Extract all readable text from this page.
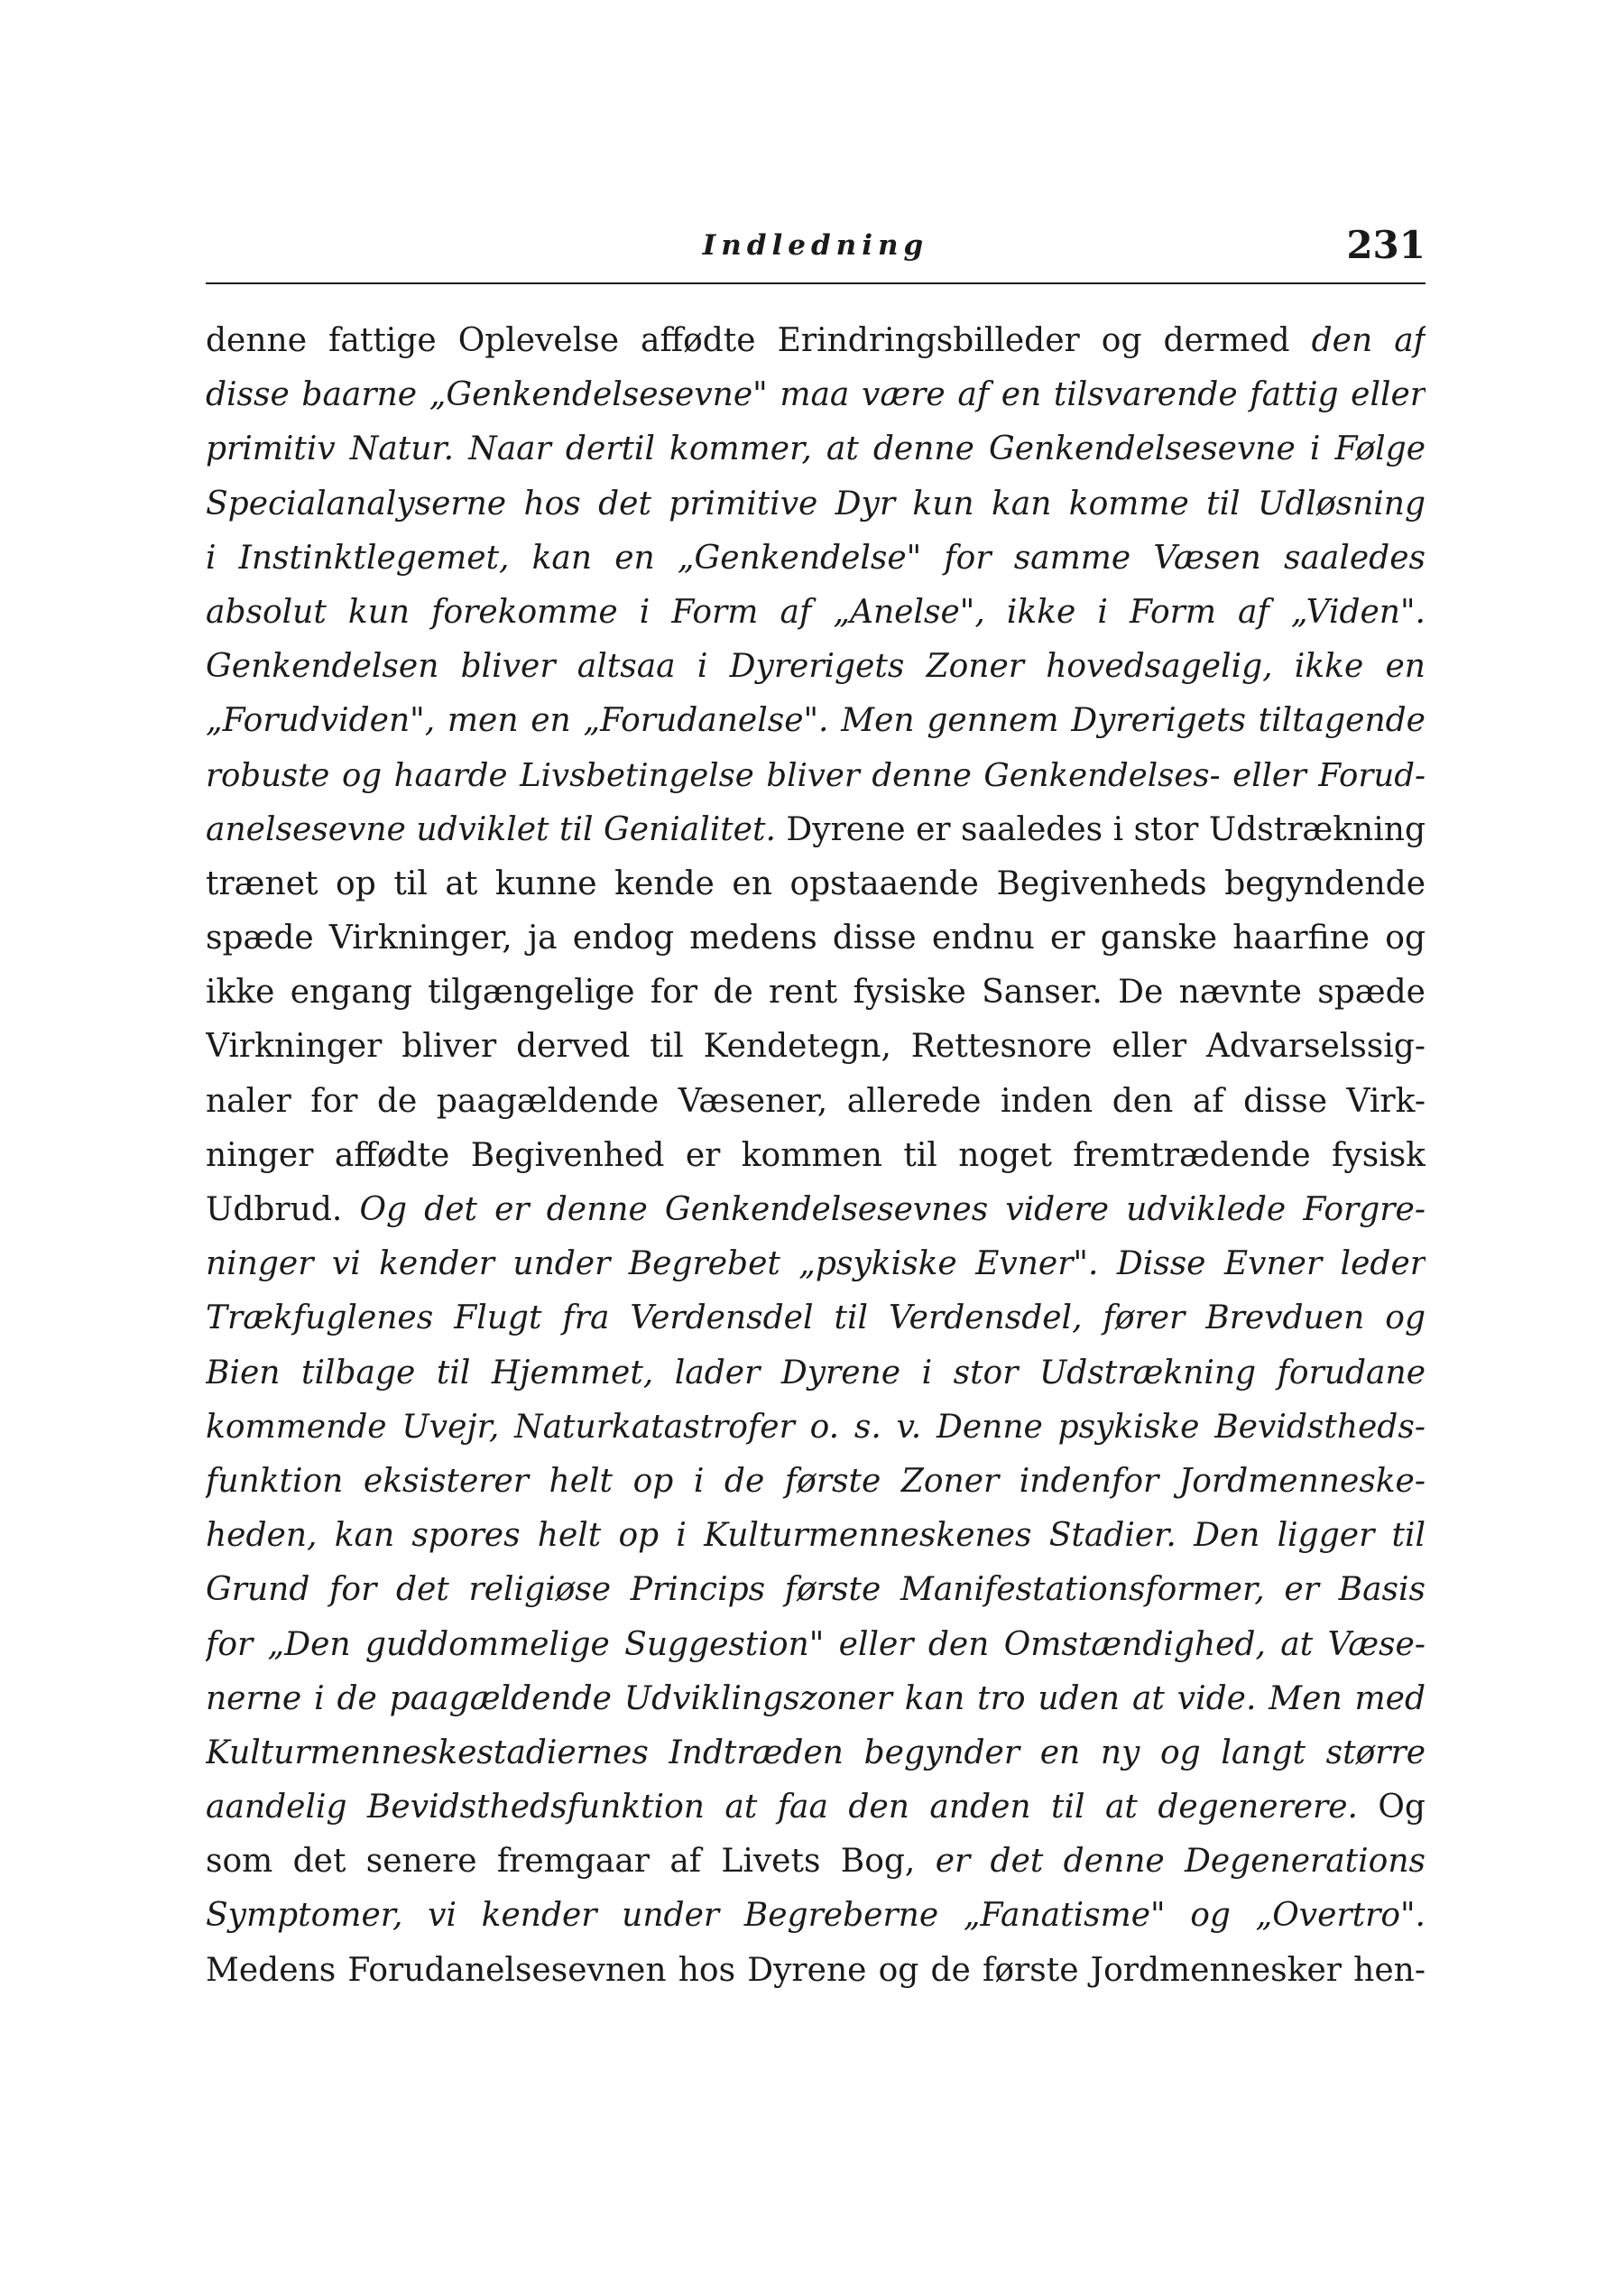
Indledning	231
denne fattige Oplevelse affødte Erindringsbilleder og dermed den af
disse baarne „Genkendelsesevne" maa være af en tilsvarende fattig eller
primitiv Natur. Naar dertil kommer, at denne Genkendelsesevne i Følge
Specialanalyserne hos det primitive Dyr kun kan komme til Udløsning
i Instinktlegemet, kan en „Genkendelse" for samme Væsen saaledes
absolut kun forekomme i Form af „Anelse", ikke i Form af „Viden".
Genkendelsen bliver altsaa i Dyrerigets Zoner hovedsagelig, ikke en
„Forudviden", men en „Forudanelse". Men gennem Dyrerigets tiltagende
robuste og haarde Livsbetingelse bliver denne Genkendelses- eller Forud-
anelsesevne udviklet til Genialitet. Dyrene er saaledes i stor Udstrækning
trænet op til at kunne kende en opstaaende Begivenheds begyndende
spæde Virkninger, ja endog medens disse endnu er ganske haarfine og
ikke engang tilgængelige for de rent fysiske Sanser. De nævnte spæde
Virkninger bliver derved til Kendetegn, Rettesnore eller Advarselssig-
naler for de paagældende Væsener, allerede inden den af disse Virk-
ninger affødte Begivenhed er kommen til noget fremtrædende fysisk
Udbrud. Og det er denne Genkendelsesevnes videre udviklede Forgre-
ninger vi kender under Begrebet „psykiske Evner". Disse Evner leder
Trækfuglenes Flugt fra Verdensdel til Verdensdel, fører Brevduen og
Bien tilbage til Hjemmet, lader Dyrene i stor Udstrækning forudane
kommende Uvejr, Naturkatastrofer o. s. v. Denne psykiske Bevidstheds-
funktion eksisterer helt op i de første Zoner indenfor Jordmenneske-
heden, kan spores helt op i Kulturmenneskenes Stadier. Den ligger til
Grund for det religiøse Princips første Manifestationsformer, er Basis
for „Den guddommelige Suggestion" eller den Omstændighed, at Væse-
nerne i de paagældende Udviklingszoner kan tro uden at vide. Men med
Kulturmenneskestadiernes Indtræden begynder en ny og langt større
aandelig Bevidsthedsfunktion at faa den anden til at degenerere. Og
som det senere fremgaar af Livets Bog, er det denne Degenerations
Symptomer, vi kender under Begreberne „Fanatisme" og „Overtro".
Medens Forudanelsesevnen hos Dyrene og de første Jordmennesker hen-
